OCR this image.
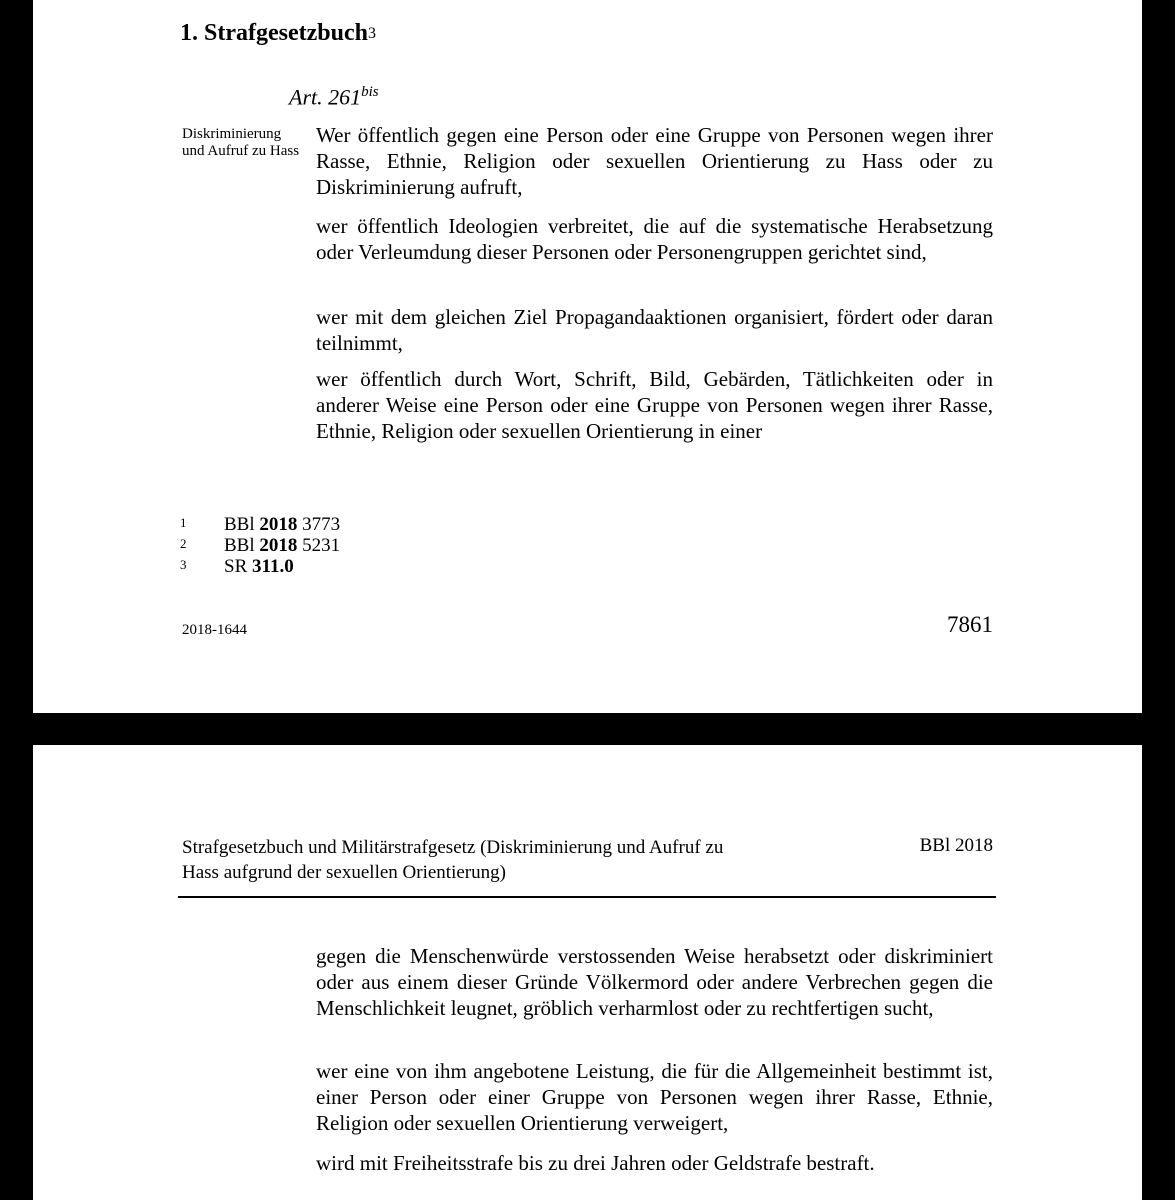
1. Strafgesetzbuch$^3$
Art. $261^{bis}$
Diskriminierung und Aufruf zu Hass
Wer öffentlich gegen eine Person oder eine Gruppe von Personen wegen ihrer Rasse, Ethnie, Religion oder sexuellen Orientierung zu Hass oder zu Diskriminierung aufruft,
wer öffentlich Ideologien verbreitet, die auf die systematische Herabsetzung oder Verleumdung dieser Personen oder Personengruppen gerichtet sind,
wer mit dem gleichen Ziel Propagandaaktionen organisiert, fördert oder daran teilnimmt,
wer öffentlich durch Wort, Schrift, Bild, Gebärden, Tätlichkeiten oder in anderer Weise eine Person oder eine Gruppe von Personen wegen ihrer Rasse, Ethnie, Religion oder sexuellen Orientierung in einer
1	BBl 2018 3773
2	BBl 2018 5231
3	SR 311.0
2018-1644	7861
Strafgesetzbuch und Militärstrafgesetz (Diskriminierung und Aufruf zu Hass aufgrund der sexuellen Orientierung)
BBl 2018
gegen die Menschenwürde verstossenden Weise herabsetzt oder diskriminiert oder aus einem dieser Gründe Völkermord oder andere Verbrechen gegen die Menschlichkeit leugnet, gröblich verharmlost oder zu rechtfertigen sucht,
wer eine von ihm angebotene Leistung, die für die Allgemeinheit bestimmt ist, einer Person oder einer Gruppe von Personen wegen ihrer Rasse, Ethnie, Religion oder sexuellen Orientierung verweigert,
wird mit Freiheitsstrafe bis zu drei Jahren oder Geldstrafe bestraft.
